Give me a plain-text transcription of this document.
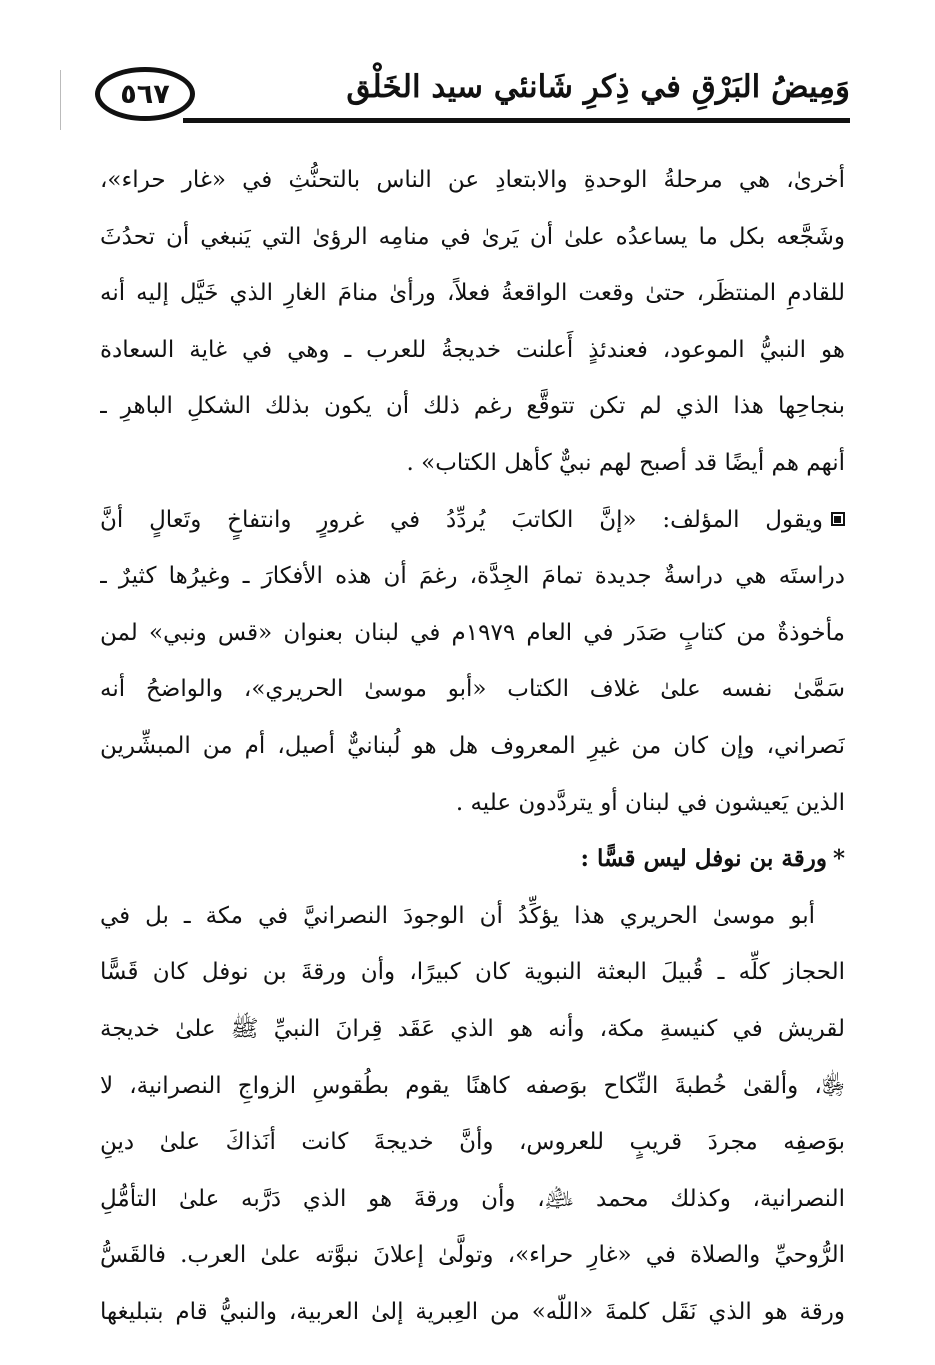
٥٦٧	وَمِيضُ البَرْقِ في ذِكرِ شَانئي سيد الخَلْق
أخرىٰ، هي مرحلةُ الوحدةِ والابتعادِ عن الناس بالتحنُّثِ في «غار حراء»،
وشَجَّعه بكل ما يساعدُه علىٰ أن يَرىٰ في منامِه الرؤىٰ التي يَنبغي أن تحدُثَ
للقادمِ المنتظَر، حتىٰ وقعت الواقعةُ فعلاً، ورأىٰ منامَ الغارِ الذي خَيَّل إليه أنه
هو النبيُّ الموعود، فعندئذٍ أَعلنت خديجةُ للعرب ـ وهي في غاية السعادة
بنجاحِها هذا الذي لم تكن تتوقَّع رغم ذلك أن يكون بذلك الشكلِ الباهرِ ـ
أنهم هم أيضًا قد أصبح لهم نبيٌّ كأهل الكتاب» .
ويقول المؤلف: «إنَّ الكاتبَ يُردِّدُ في غرورٍ وانتفاخٍ وتَعالٍ أنَّ
دراستَه هي دراسةٌ جديدة تمامَ الجِدَّة، رغمَ أن هذه الأفكارَ ـ وغيرُها كثيرٌ ـ
مأخوذةٌ من كتابٍ صَدَر في العام ١٩٧٩م في لبنان بعنوان «قس ونبي» لمن
سَمَّىٰ نفسه علىٰ غلاف الكتاب «أبو موسىٰ الحريري»، والواضحُ أنه
نَصراني، وإن كان من غيرِ المعروف هل هو لُبنانيٌّ أصيل، أم من المبشِّرين
الذين يَعيشون في لبنان أو يتردَّدون عليه .
*ورقة بن نوفل ليس قسًّا :
أبو موسىٰ الحريري هذا يؤكِّدُ أن الوجودَ النصرانيَّ في مكة ـ بل في
الحجاز كلِّه ـ قُبيلَ البعثة النبوية كان كبيرًا، وأن ورقةَ بن نوفل كان قَسًّا
لقريش في كنيسةِ مكة، وأنه هو الذي عَقَد قِرانَ النبيِّ ﷺ علىٰ خديجة
﵂، وألقىٰ خُطبةَ النِّكاح بوَصفه كاهنًا يقوم بطُقوسِ الزواجِ النصرانية، لا
بوَصفِه مجردَ قريبٍ للعروس، وأنَّ خديجةَ كانت أنَذاكَ علىٰ دينِ
النصرانية، وكذلك محمد ﵇، وأن ورقةَ هو الذي دَرَّبه علىٰ التأمُّلِ
الرُّوحيِّ والصلاة في «غارِ حراء»، وتولَّىٰ إعلانَ نبوَّته علىٰ العرب. فالقَسُّ
ورقة هو الذي نَقَل كلمةَ «اللّه» من العِبرية إلىٰ العربية، والنبيُّ قام بتبليغها
